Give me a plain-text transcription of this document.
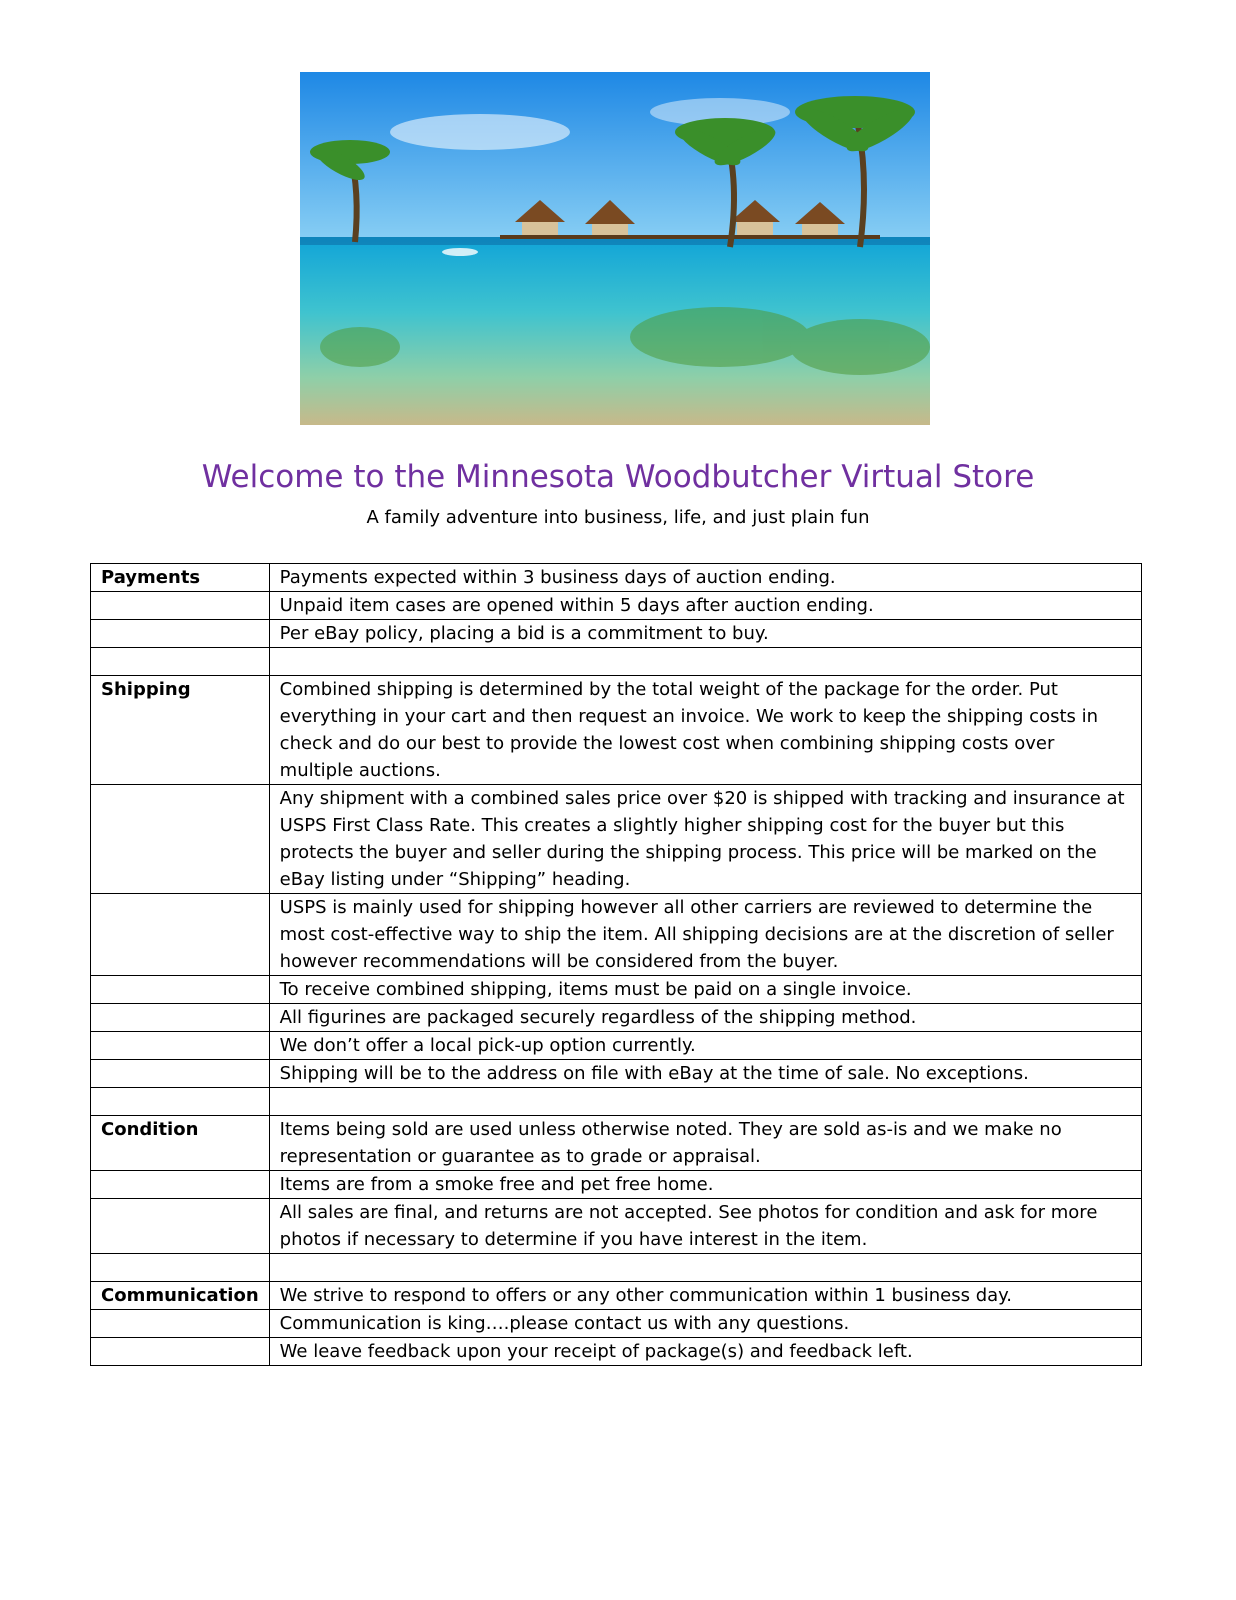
Welcome to the Minnesota Woodbutcher Virtual Store
A family adventure into business, life, and just plain fun
Payments	Payments expected within 3 business days of auction ending.
	Unpaid item cases are opened within 5 days after auction ending.
	Per eBay policy, placing a bid is a commitment to buy.

Shipping	Combined shipping is determined by the total weight of the package for the order. Put everything in your cart and then request an invoice. We work to keep the shipping costs in check and do our best to provide the lowest cost when combining shipping costs over multiple auctions.
	Any shipment with a combined sales price over $20 is shipped with tracking and insurance at USPS First Class Rate. This creates a slightly higher shipping cost for the buyer but this protects the buyer and seller during the shipping process. This price will be marked on the eBay listing under “Shipping” heading.
	USPS is mainly used for shipping however all other carriers are reviewed to determine the most cost-effective way to ship the item. All shipping decisions are at the discretion of seller however recommendations will be considered from the buyer.
	To receive combined shipping, items must be paid on a single invoice.
	All figurines are packaged securely regardless of the shipping method.
	We don’t offer a local pick-up option currently.
	Shipping will be to the address on file with eBay at the time of sale. No exceptions.

Condition	Items being sold are used unless otherwise noted. They are sold as-is and we make no representation or guarantee as to grade or appraisal.
	Items are from a smoke free and pet free home.
	All sales are final, and returns are not accepted. See photos for condition and ask for more photos if necessary to determine if you have interest in the item.

Communication	We strive to respond to offers or any other communication within 1 business day.
	Communication is king….please contact us with any questions.
	We leave feedback upon your receipt of package(s) and feedback left.
